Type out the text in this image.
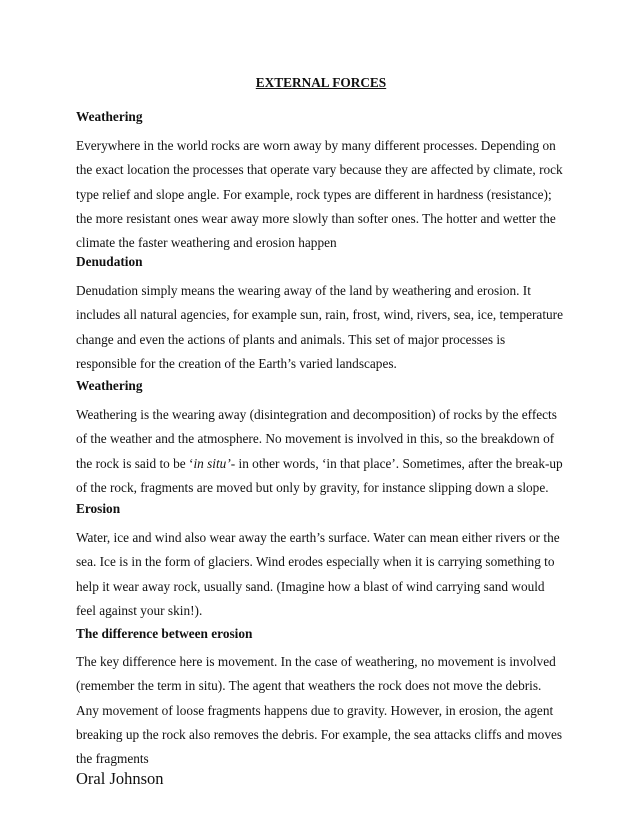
EXTERNAL FORCES
Weathering
Everywhere in the world rocks are worn away by many different processes. Depending on the exact location the processes that operate vary because they are affected by climate, rock type relief and slope angle. For example, rock types are different in hardness (resistance); the more resistant ones wear away more slowly than softer ones. The hotter and wetter the climate the faster weathering and erosion happen
Denudation
Denudation simply means the wearing away of the land by weathering and erosion. It includes all natural agencies, for example sun, rain, frost, wind, rivers, sea, ice, temperature change and even the actions of plants and animals. This set of major processes is responsible for the creation of the Earth’s varied landscapes.
Weathering
Weathering is the wearing away (disintegration and decomposition) of rocks by the effects of the weather and the atmosphere. No movement is involved in this, so the breakdown of the rock is said to be ‘in situ’- in other words, ‘in that place’. Sometimes, after the break-up of the rock, fragments are moved but only by gravity, for instance slipping down a slope.
Erosion
Water, ice and wind also wear away the earth’s surface. Water can mean either rivers or the sea. Ice is in the form of glaciers. Wind erodes especially when it is carrying something to help it wear away rock, usually sand. (Imagine how a blast of wind carrying sand would feel against your skin!).
The difference between erosion
The key difference here is movement. In the case of weathering, no movement is involved (remember the term in situ). The agent that weathers the rock does not move the debris. Any movement of loose fragments happens due to gravity. However, in erosion, the agent breaking up the rock also removes the debris. For example, the sea attacks cliffs and moves the fragments
Oral Johnson
